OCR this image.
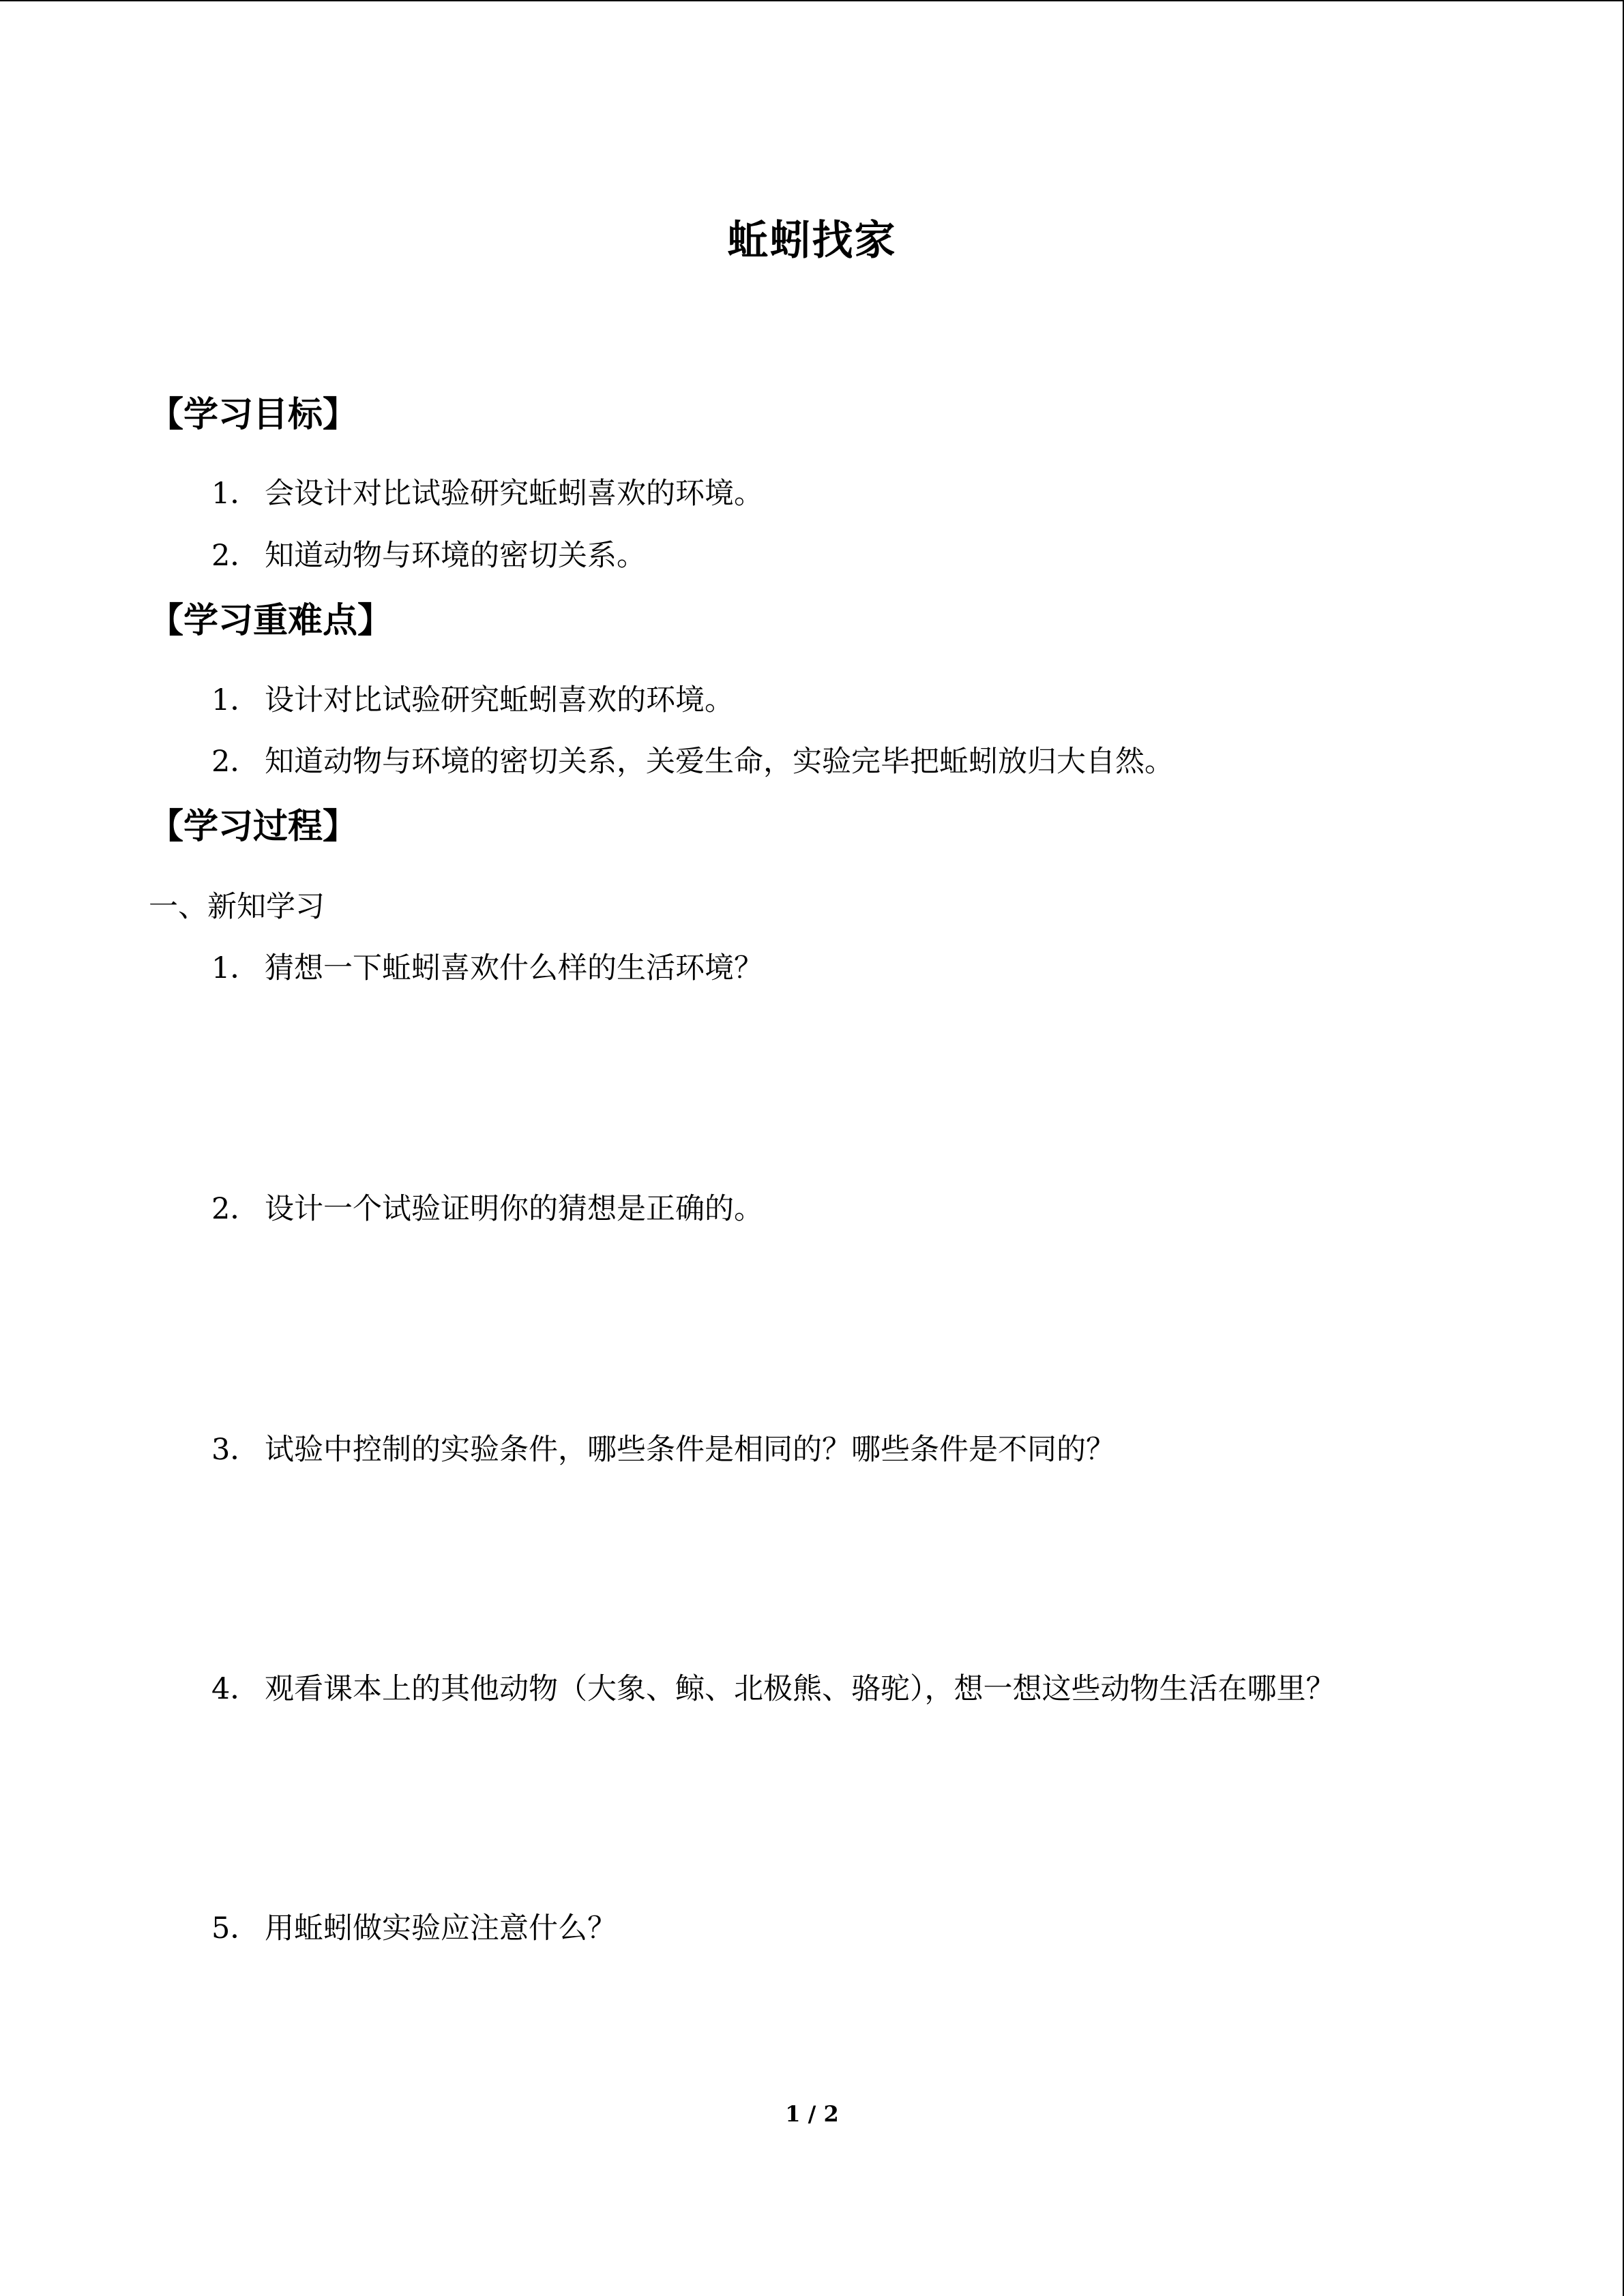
蚯蚓找家
【学习目标】
1． 会设计对比试验研究蚯蚓喜欢的环境。
2． 知道动物与环境的密切关系。
【学习重难点】
1． 设计对比试验研究蚯蚓喜欢的环境。
2． 知道动物与环境的密切关系，关爱生命，实验完毕把蚯蚓放归大自然。
【学习过程】
一、新知学习
1． 猜想一下蚯蚓喜欢什么样的生活环境？
2． 设计一个试验证明你的猜想是正确的。
3． 试验中控制的实验条件，哪些条件是相同的？哪些条件是不同的？
4． 观看课本上的其他动物（大象、鲸、北极熊、骆驼），想一想这些动物生活在哪里？
5． 用蚯蚓做实验应注意什么？
1 / 2
